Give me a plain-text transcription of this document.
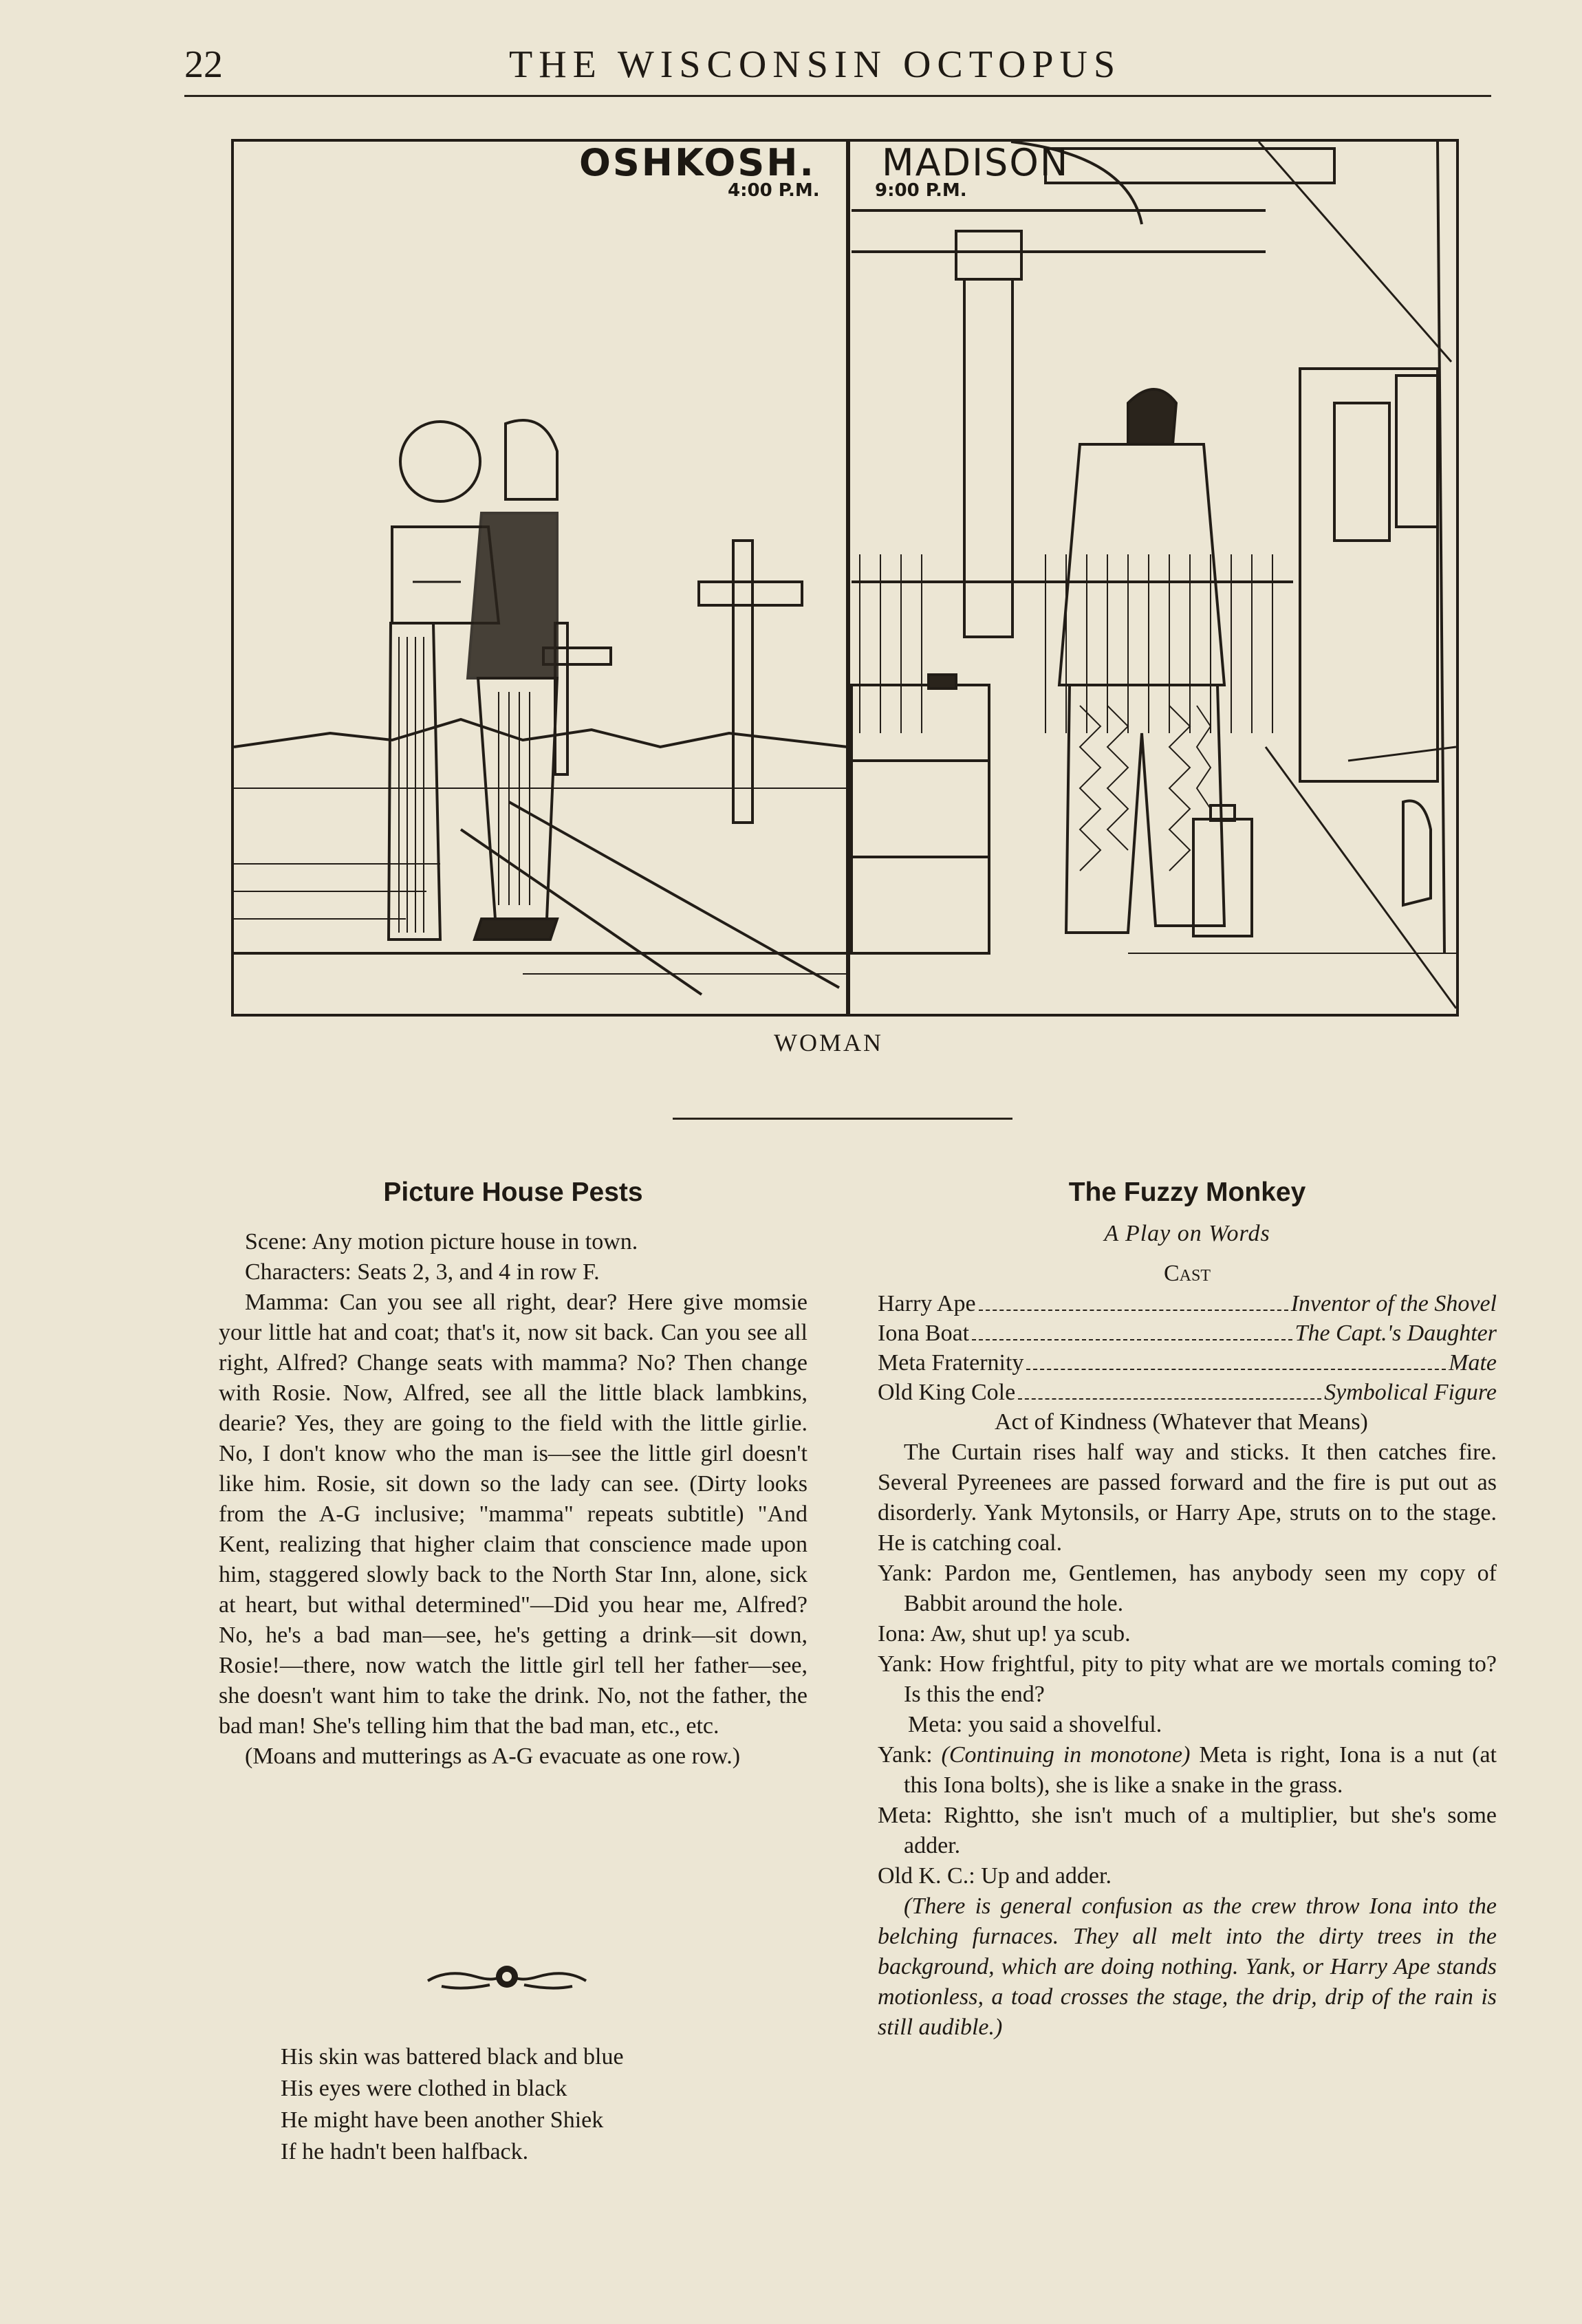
22	THE WISCONSIN OCTOPUS
OSHKOSH.
4:00 P.M.
MADISON
9:00 P.M.
WOMAN
Picture House Pests
Scene: Any motion picture house in town.
Characters: Seats 2, 3, and 4 in row F.
Mamma: Can you see all right, dear? Here give momsie your little hat and coat; that's it, now sit back. Can you see all right, Alfred? Change seats with mamma? No? Then change with Rosie. Now, Alfred, see all the little black lambkins, dearie? Yes, they are going to the field with the little girlie. No, I don't know who the man is—see the little girl doesn't like him. Rosie, sit down so the lady can see. (Dirty looks from the A-G inclusive; "mamma" repeats subtitle) "And Kent, realizing that higher claim that conscience made upon him, staggered slowly back to the North Star Inn, alone, sick at heart, but withal determined"—Did you hear me, Alfred? No, he's a bad man—see, he's getting a drink—sit down, Rosie!—there, now watch the little girl tell her father—see, she doesn't want him to take the drink. No, not the father, the bad man! She's telling him that the bad man, etc., etc.
(Moans and mutterings as A-G evacuate as one row.)
His skin was battered black and blue
His eyes were clothed in black
He might have been another Shiek
If he hadn't been halfback.
The Fuzzy Monkey
A Play on Words
Cast
Harry Ape	Inventor of the Shovel
Iona Boat	The Capt.'s Daughter
Meta Fraternity	Mate
Old King Cole	Symbolical Figure
Act of Kindness (Whatever that Means)
The Curtain rises half way and sticks. It then catches fire. Several Pyreenees are passed forward and the fire is put out as disorderly. Yank Mytonsils, or Harry Ape, struts on to the stage. He is catching coal.
Yank: Pardon me, Gentlemen, has anybody seen my copy of Babbit around the hole.
Iona: Aw, shut up! ya scub.
Yank: How frightful, pity to pity what are we mortals coming to? Is this the end?
Meta: you said a shovelful.
Yank: (Continuing in monotone) Meta is right, Iona is a nut (at this Iona bolts), she is like a snake in the grass.
Meta: Rightto, she isn't much of a multiplier, but she's some adder.
Old K. C.: Up and adder.
(There is general confusion as the crew throw Iona into the belching furnaces. They all melt into the dirty trees in the background, which are doing nothing. Yank, or Harry Ape stands motionless, a toad crosses the stage, the drip, drip of the rain is still audible.)
